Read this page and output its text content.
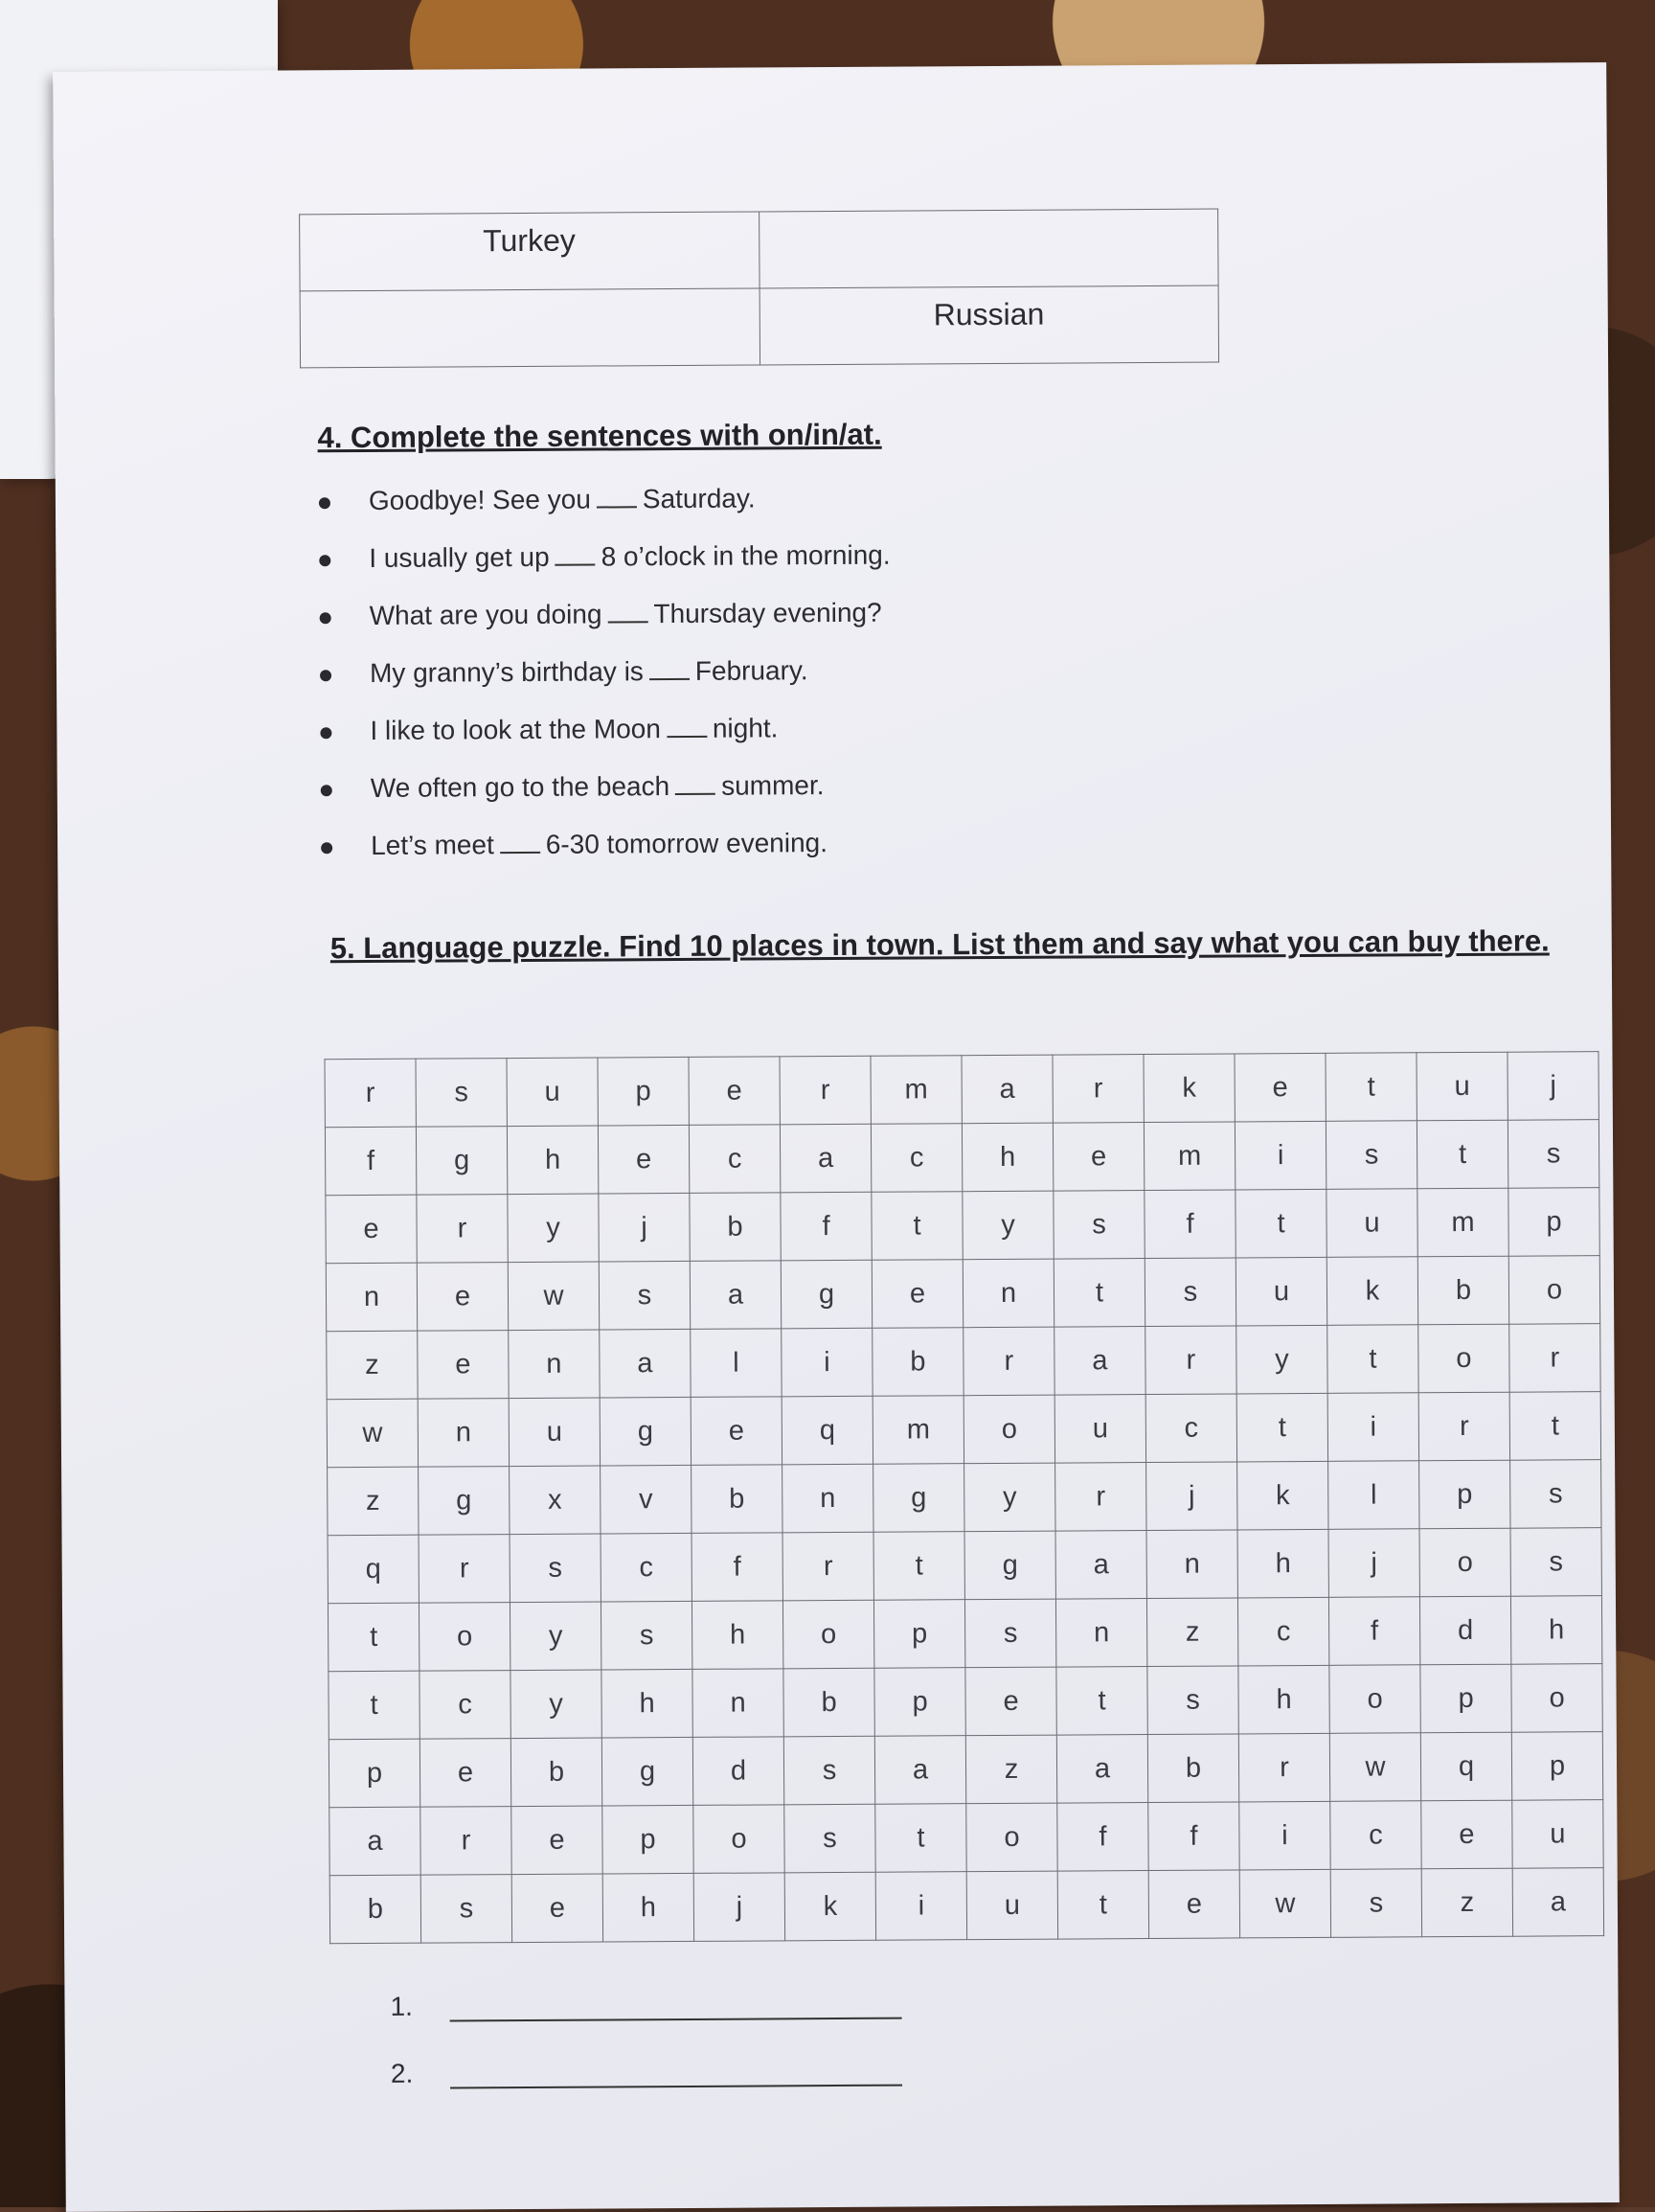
Turkey	
	Russian
4. Complete the sentences with on/in/at.
Goodbye! See you Saturday.
I usually get up 8 o’clock in the morning.
What are you doing Thursday evening?
My granny’s birthday is February.
I like to look at the Moon night.
We often go to the beach summer.
Let’s meet 6-30 tomorrow evening.
5. Language puzzle. Find 10 places in town. List them and say what you can buy there.
r	s	u	p	e	r	m	a	r	k	e	t	u	j
f	g	h	e	c	a	c	h	e	m	i	s	t	s
e	r	y	j	b	f	t	y	s	f	t	u	m	p
n	e	w	s	a	g	e	n	t	s	u	k	b	o
z	e	n	a	l	i	b	r	a	r	y	t	o	r
w	n	u	g	e	q	m	o	u	c	t	i	r	t
z	g	x	v	b	n	g	y	r	j	k	l	p	s
q	r	s	c	f	r	t	g	a	n	h	j	o	s
t	o	y	s	h	o	p	s	n	z	c	f	d	h
t	c	y	h	n	b	p	e	t	s	h	o	p	o
p	e	b	g	d	s	a	z	a	b	r	w	q	p
a	r	e	p	o	s	t	o	f	f	i	c	e	u
b	s	e	h	j	k	i	u	t	e	w	s	z	a
1.
2.
